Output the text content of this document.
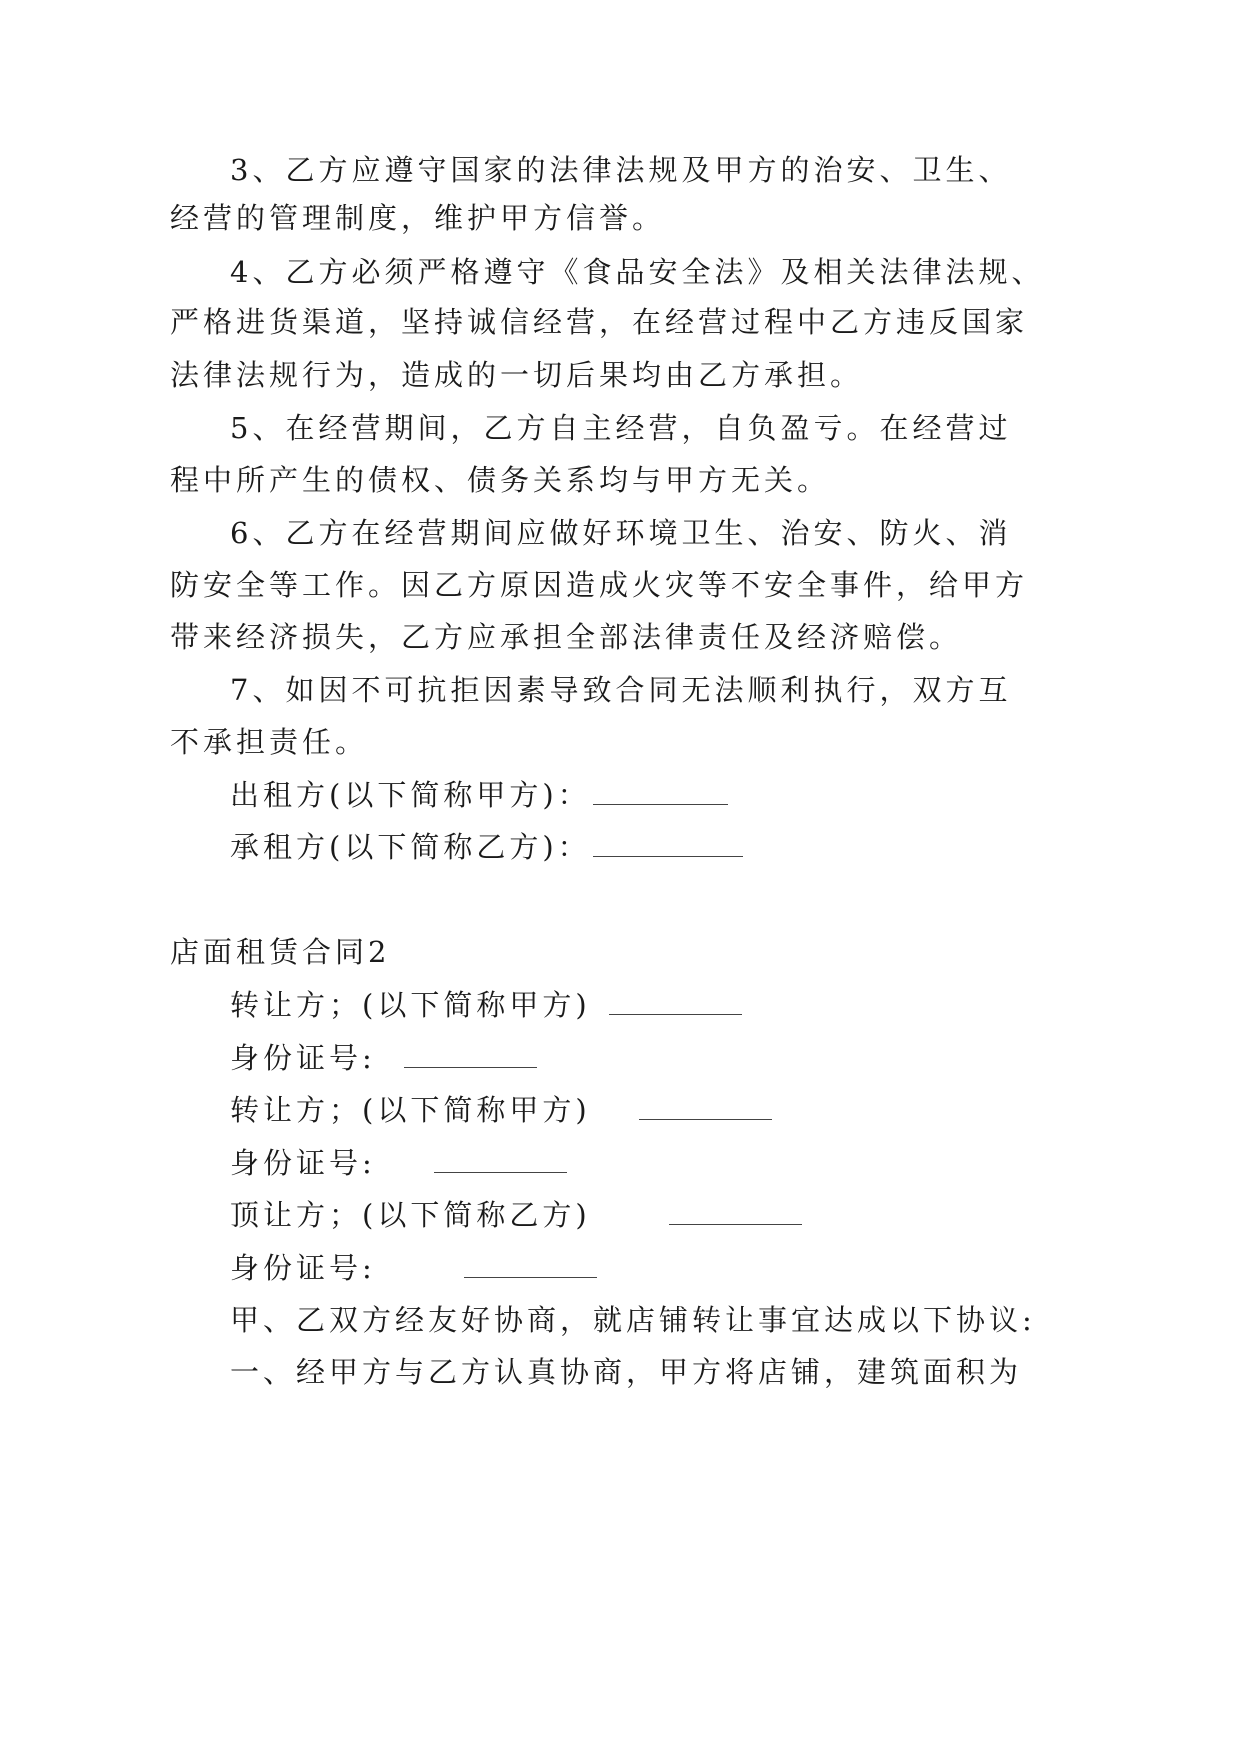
3、乙方应遵守国家的法律法规及甲方的治安、卫生、
经营的管理制度，维护甲方信誉。
4、乙方必须严格遵守《食品安全法》及相关法律法规、
严格进货渠道，坚持诚信经营，在经营过程中乙方违反国家
法律法规行为，造成的一切后果均由乙方承担。
5、在经营期间，乙方自主经营，自负盈亏。在经营过
程中所产生的债权、债务关系均与甲方无关。
6、乙方在经营期间应做好环境卫生、治安、防火、消
防安全等工作。因乙方原因造成火灾等不安全事件，给甲方
带来经济损失，乙方应承担全部法律责任及经济赔偿。
7、如因不可抗拒因素导致合同无法顺利执行，双方互
不承担责任。
出租方(以下简称甲方)：
承租方(以下简称乙方)：
店面租赁合同2
转让方；(以下简称甲方)
身份证号:
转让方；(以下简称甲方)
身份证号:
顶让方；(以下简称乙方)
身份证号:
甲、乙双方经友好协商，就店铺转让事宜达成以下协议:
一、经甲方与乙方认真协商，甲方将店铺，建筑面积为
